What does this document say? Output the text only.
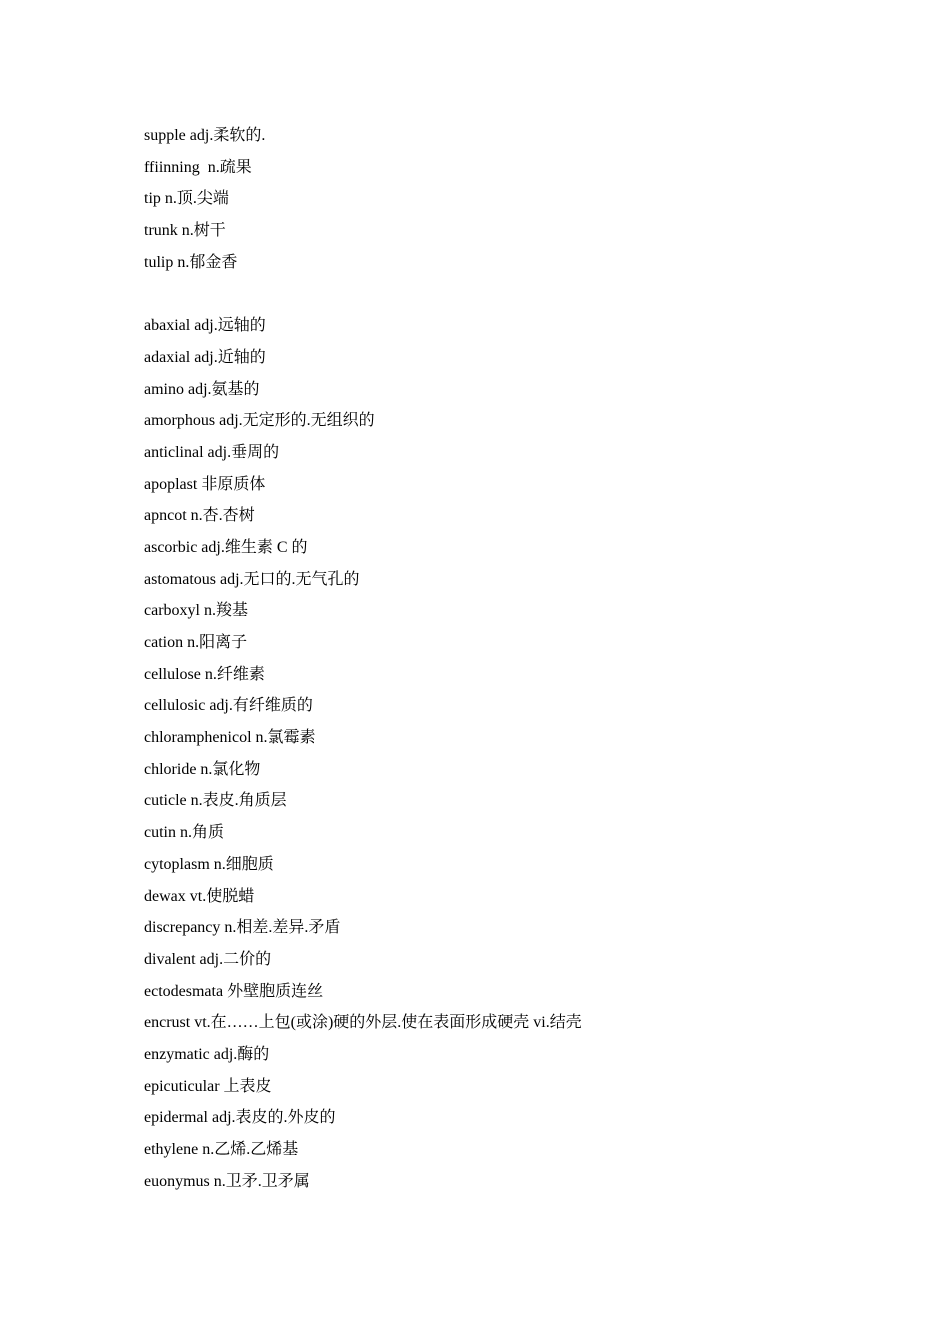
supple adj.柔软的.
ffiinning  n.疏果
tip n.顶.尖端
trunk n.树干
tulip n.郁金香
abaxial adj.远轴的
adaxial adj.近轴的
amino adj.氨基的
amorphous adj.无定形的.无组织的
anticlinal adj.垂周的
apoplast 非原质体
apncot n.杏.杏树
ascorbic adj.维生素 C 的
astomatous adj.无口的.无气孔的
carboxyl n.羧基
cation n.阳离子
cellulose n.纤维素
cellulosic adj.有纤维质的
chloramphenicol n.氯霉素
chloride n.氯化物
cuticle n.表皮.角质层
cutin n.角质
cytoplasm n.细胞质
dewax vt.使脱蜡
discrepancy n.相差.差异.矛盾
divalent adj.二价的
ectodesmata 外壁胞质连丝
encrust vt.在……上包(或涂)硬的外层.使在表面形成硬壳 vi.结壳
enzymatic adj.酶的
epicuticular 上表皮
epidermal adj.表皮的.外皮的
ethylene n.乙烯.乙烯基
euonymus n.卫矛.卫矛属
